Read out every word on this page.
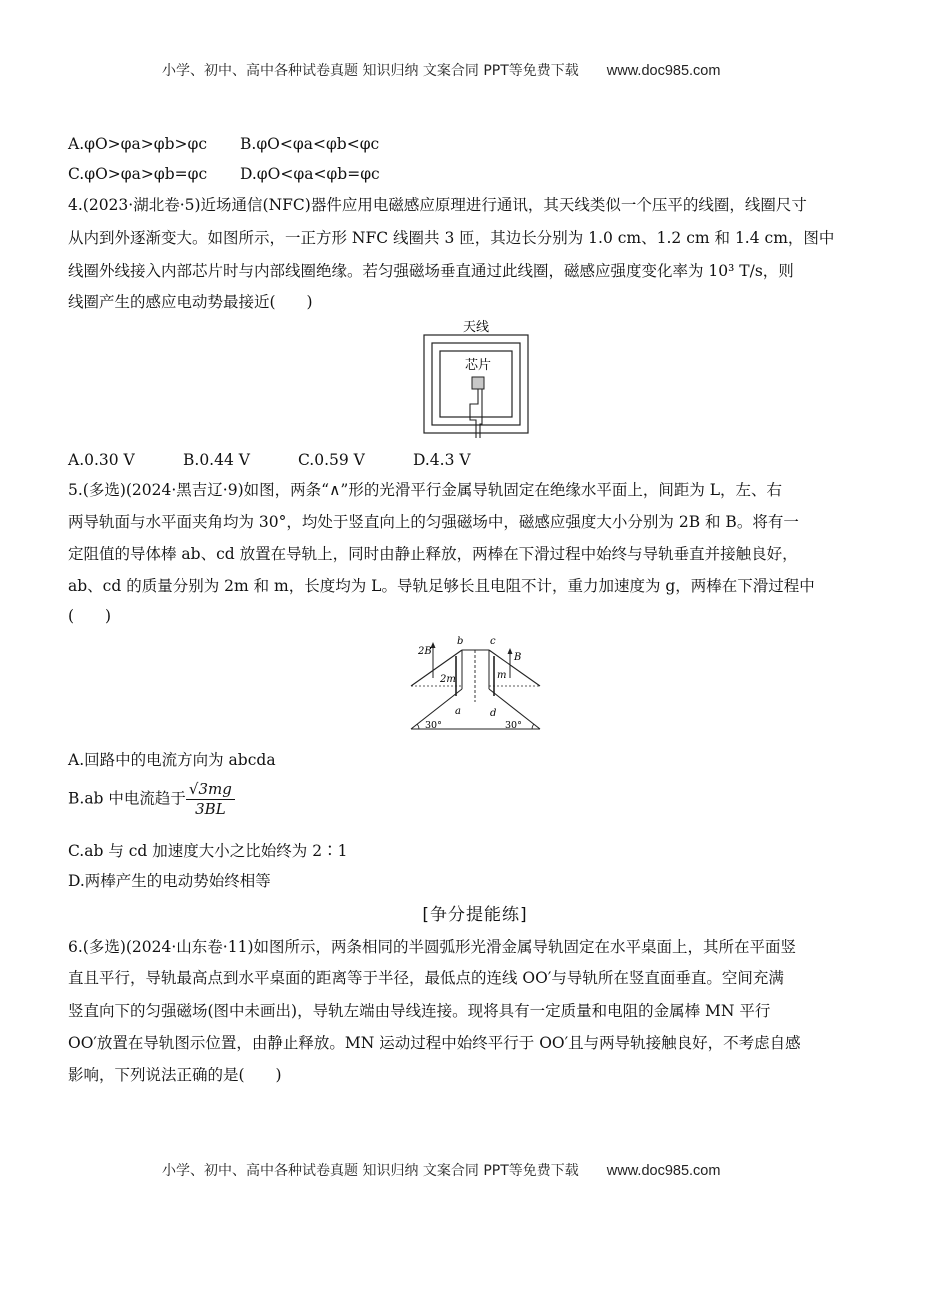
小学、初中、高中各种试卷真题 知识归纳 文案合同 PPT等免费下载 www.doc985.com
A.φO>φa>φb>φc B.φO<φa<φb<φc
C.φO>φa>φb=φc D.φO<φa<φb=φc
4.(2023·湖北卷·5)近场通信(NFC)器件应用电磁感应原理进行通讯，其天线类似一个压平的线圈，线圈尺寸
从内到外逐渐变大。如图所示，一正方形 NFC 线圈共 3 匝，其边长分别为 1.0 cm、1.2 cm 和 1.4 cm，图中
线圈外线接入内部芯片时与内部线圈绝缘。若匀强磁场垂直通过此线圈，磁感应强度变化率为 10³ T/s，则
线圈产生的感应电动势最接近(　　)
天线
芯片
A.0.30 V	B.0.44 V	C.0.59 V	D.4.3 V
5.(多选)(2024·黑吉辽·9)如图，两条“∧”形的光滑平行金属导轨固定在绝缘水平面上，间距为 L，左、右
两导轨面与水平面夹角均为 30°，均处于竖直向上的匀强磁场中，磁感应强度大小分别为 2B 和 B。将有一
定阻值的导体棒 ab、cd 放置在导轨上，同时由静止释放，两棒在下滑过程中始终与导轨垂直并接触良好，
ab、cd 的质量分别为 2m 和 m，长度均为 L。导轨足够长且电阻不计，重力加速度为 g，两棒在下滑过程中
(　　)
2B
B
b	c
a	d
2m	m
30°	30°
A.回路中的电流方向为 abcda
B.ab 中电流趋于 $\frac{√3mg}{3BL}$
C.ab 与 cd 加速度大小之比始终为 2∶1
D.两棒产生的电动势始终相等
[争分提能练]
6.(多选)(2024·山东卷·11)如图所示，两条相同的半圆弧形光滑金属导轨固定在水平桌面上，其所在平面竖
直且平行，导轨最高点到水平桌面的距离等于半径，最低点的连线 OO′与导轨所在竖直面垂直。空间充满
竖直向下的匀强磁场(图中未画出)，导轨左端由导线连接。现将具有一定质量和电阻的金属棒 MN 平行
OO′放置在导轨图示位置，由静止释放。MN 运动过程中始终平行于 OO′且与两导轨接触良好，不考虑自感
影响，下列说法正确的是(　　)
小学、初中、高中各种试卷真题 知识归纳 文案合同 PPT等免费下载 www.doc985.com
